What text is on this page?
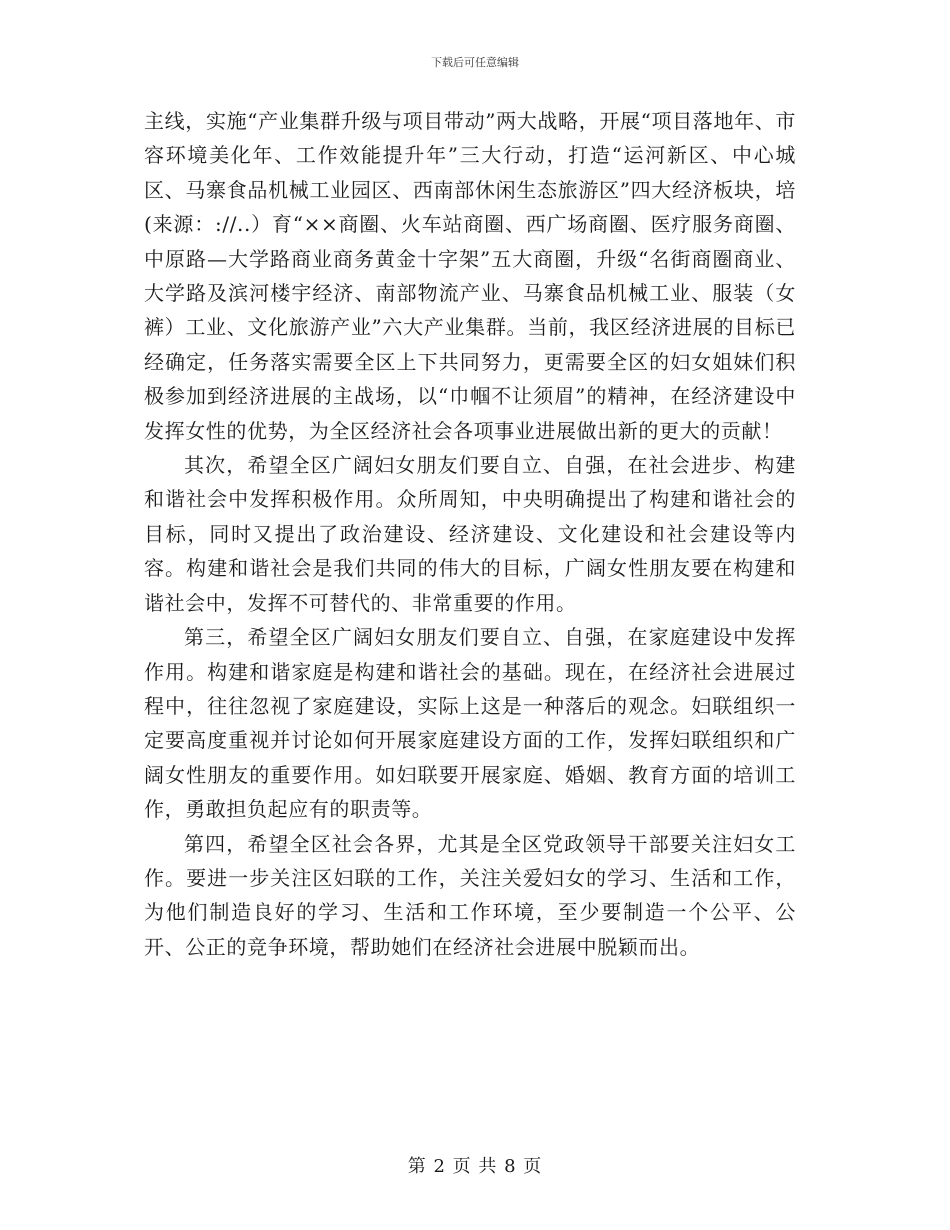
下载后可任意编辑

主线，实施“产业集群升级与项目带动”两大战略，开展“项目落地年、市容环境美化年、工作效能提升年”三大行动，打造“运河新区、中心城区、马寨食品机械工业园区、西南部休闲生态旅游区”四大经济板块，培(来源：://..）育“××商圈、火车站商圈、西广场商圈、医疗服务商圈、中原路—大学路商业商务黄金十字架”五大商圈，升级“名街商圈商业、大学路及滨河楼宇经济、南部物流产业、马寨食品机械工业、服装（女裤）工业、文化旅游产业”六大产业集群。当前，我区经济进展的目标已经确定，任务落实需要全区上下共同努力，更需要全区的妇女姐妹们积极参加到经济进展的主战场，以“巾帼不让须眉”的精神，在经济建设中发挥女性的优势，为全区经济社会各项事业进展做出新的更大的贡献！

其次，希望全区广阔妇女朋友们要自立、自强，在社会进步、构建和谐社会中发挥积极作用。众所周知，中央明确提出了构建和谐社会的目标，同时又提出了政治建设、经济建设、文化建设和社会建设等内容。构建和谐社会是我们共同的伟大的目标，广阔女性朋友要在构建和谐社会中，发挥不可替代的、非常重要的作用。

第三，希望全区广阔妇女朋友们要自立、自强，在家庭建设中发挥作用。构建和谐家庭是构建和谐社会的基础。现在，在经济社会进展过程中，往往忽视了家庭建设，实际上这是一种落后的观念。妇联组织一定要高度重视并讨论如何开展家庭建设方面的工作，发挥妇联组织和广阔女性朋友的重要作用。如妇联要开展家庭、婚姻、教育方面的培训工作，勇敢担负起应有的职责等。

第四，希望全区社会各界，尤其是全区党政领导干部要关注妇女工作。要进一步关注区妇联的工作，关注关爱妇女的学习、生活和工作，为他们制造良好的学习、生活和工作环境，至少要制造一个公平、公开、公正的竞争环境，帮助她们在经济社会进展中脱颖而出。

第 2 页 共 8 页
